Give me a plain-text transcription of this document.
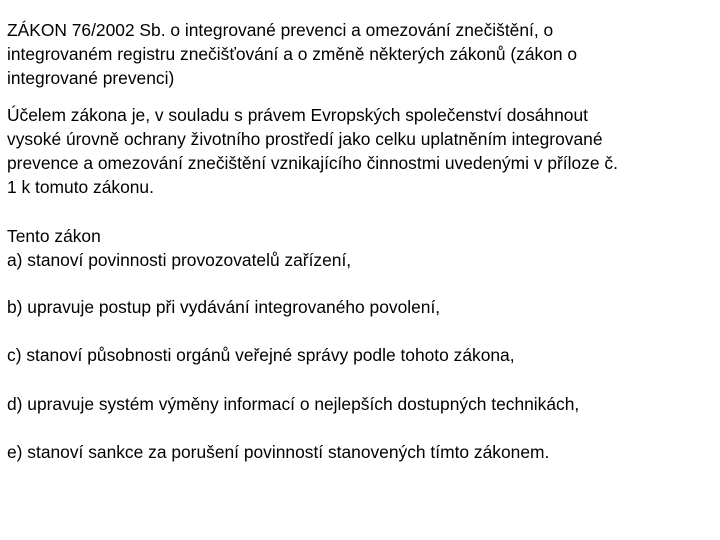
ZÁKON 76/2002 Sb. o integrované prevenci a omezování znečištění, o
integrovaném registru znečišťování a o změně některých zákonů (zákon o
integrované prevenci)
Účelem zákona je, v souladu s právem Evropských společenství dosáhnout
vysoké úrovně ochrany životního prostředí jako celku uplatněním integrované
prevence a omezování znečištění vznikajícího činnostmi uvedenými v příloze č.
1 k tomuto zákonu.
Tento zákon
a) stanoví povinnosti provozovatelů zařízení,
b) upravuje postup při vydávání integrovaného povolení,
c) stanoví působnosti orgánů veřejné správy podle tohoto zákona,
d) upravuje systém výměny informací o nejlepších dostupných technikách,
e) stanoví sankce za porušení povinností stanovených tímto zákonem.
